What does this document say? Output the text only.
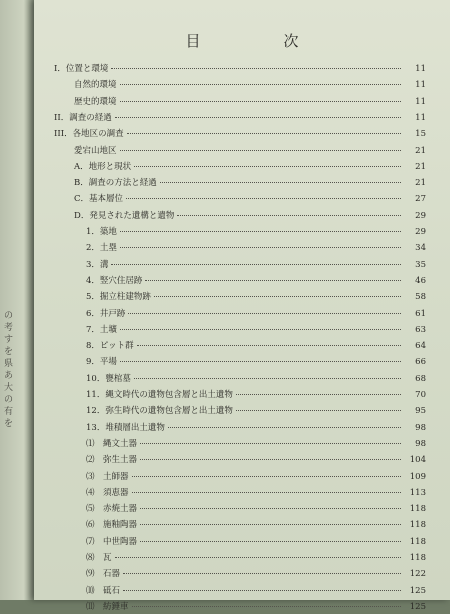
の 考 す を 県 あ 大 の 有 を
目　次
I．位置と環境	11
自然的環境	11
歴史的環境	11
II．調査の経過	11
III．各地区の調査	15
愛宕山地区	21
A．地形と現状	21
B．調査の方法と経過	21
C．基本層位	27
D．発見された遺構と遺物	29
1．築地	29
2．土塁	34
3．溝	35
4．竪穴住居跡	46
5．掘立柱建物跡	58
6．井戸跡	61
7．土壙	63
8．ピット群	64
9．平場	66
10．甕棺墓	68
11．縄文時代の遺物包含層と出土遺物	70
12．弥生時代の遺物包含層と出土遺物	95
13．堆積層出土遺物	98
⑴　縄文土器	98
⑵　弥生土器	104
⑶　土師器	109
⑷　須恵器	113
⑸　赤焼土器	118
⑹　施釉陶器	118
⑺　中世陶器	118
⑻　瓦	118
⑼　石器	122
⑽　砥石	125
⑾　紡錘車	125
